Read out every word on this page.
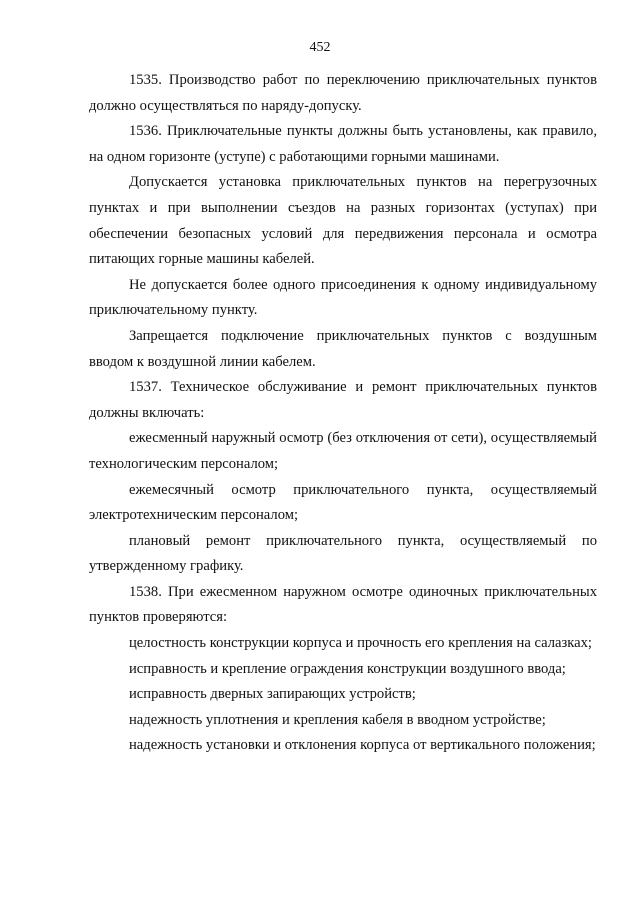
452

1535. Производство работ по переключению приключательных пунктов должно осуществляться по наряду-допуску.

1536. Приключательные пункты должны быть установлены, как правило, на одном горизонте (уступе) с работающими горными машинами.

Допускается установка приключательных пунктов на перегрузочных пунктах и при выполнении съездов на разных горизонтах (уступах) при обеспечении безопасных условий для передвижения персонала и осмотра питающих горные машины кабелей.

Не допускается более одного присоединения к одному индивидуальному приключательному пункту.

Запрещается подключение приключательных пунктов с воздушным вводом к воздушной линии кабелем.

1537. Техническое обслуживание и ремонт приключательных пунктов должны включать:

ежесменный наружный осмотр (без отключения от сети), осуществляемый технологическим персоналом;

ежемесячный осмотр приключательного пункта, осуществляемый электротехническим персоналом;

плановый ремонт приключательного пункта, осуществляемый по утвержденному графику.

1538. При ежесменном наружном осмотре одиночных приключательных пунктов проверяются:

целостность конструкции корпуса и прочность его крепления на салазках;

исправность и крепление ограждения конструкции воздушного ввода;

исправность дверных запирающих устройств;

надежность уплотнения и крепления кабеля в вводном устройстве;

надежность установки и отклонения корпуса от вертикального положения;
